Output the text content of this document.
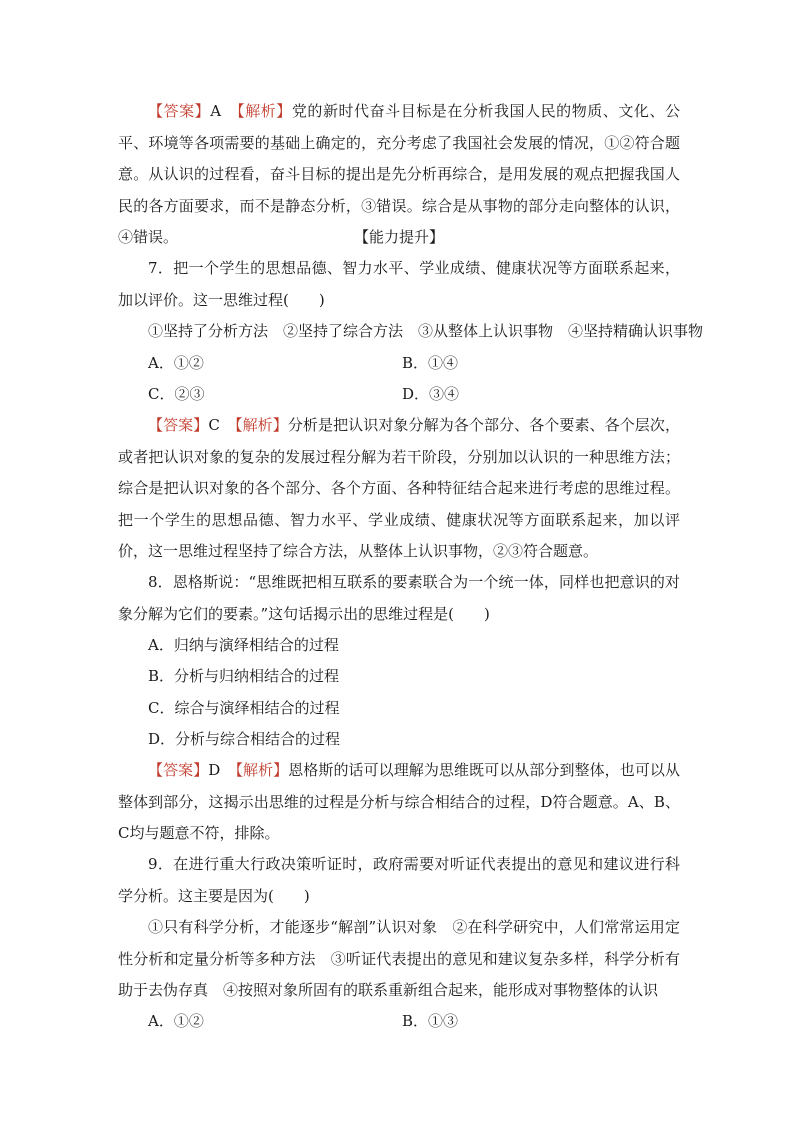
【答案】A　 【解析】党的新时代奋斗目标是在分析我国人民的物质、文化、公平、环境等各项需要的基础上确定的，充分考虑了我国社会发展的情况，①②符合题意。从认识的过程看，奋斗目标的提出是先分析再综合，是用发展的观点把握我国人民的各方面要求，而不是静态分析，③错误。综合是从事物的部分走向整体的认识，④错误。	【能力提升】

7．把一个学生的思想品德、智力水平、学业成绩、健康状况等方面联系起来，加以评价。这一思维过程(　　)

①坚持了分析方法　②坚持了综合方法　③从整体上认识事物　④坚持精确认识事物

A．①②	B．①④

C．②③	D．③④

【答案】C　 【解析】分析是把认识对象分解为各个部分、各个要素、各个层次，或者把认识对象的复杂的发展过程分解为若干阶段，分别加以认识的一种思维方法；综合是把认识对象的各个部分、各个方面、各种特征结合起来进行考虑的思维过程。把一个学生的思想品德、智力水平、学业成绩、健康状况等方面联系起来，加以评价，这一思维过程坚持了综合方法，从整体上认识事物，②③符合题意。

8．恩格斯说：“思维既把相互联系的要素联合为一个统一体，同样也把意识的对象分解为它们的要素。”这句话揭示出的思维过程是(　　)

A．归纳与演绎相结合的过程

B．分析与归纳相结合的过程

C．综合与演绎相结合的过程

D．分析与综合相结合的过程

【答案】D　 【解析】恩格斯的话可以理解为思维既可以从部分到整体，也可以从整体到部分，这揭示出思维的过程是分析与综合相结合的过程，D符合题意。A、B、C均与题意不符，排除。

9．在进行重大行政决策听证时，政府需要对听证代表提出的意见和建议进行科学分析。这主要是因为(　　)

①只有科学分析，才能逐步“解剖”认识对象　②在科学研究中，人们常常运用定性分析和定量分析等多种方法　③听证代表提出的意见和建议复杂多样，科学分析有助于去伪存真　④按照对象所固有的联系重新组合起来，能形成对事物整体的认识

A．①②	B．①③
